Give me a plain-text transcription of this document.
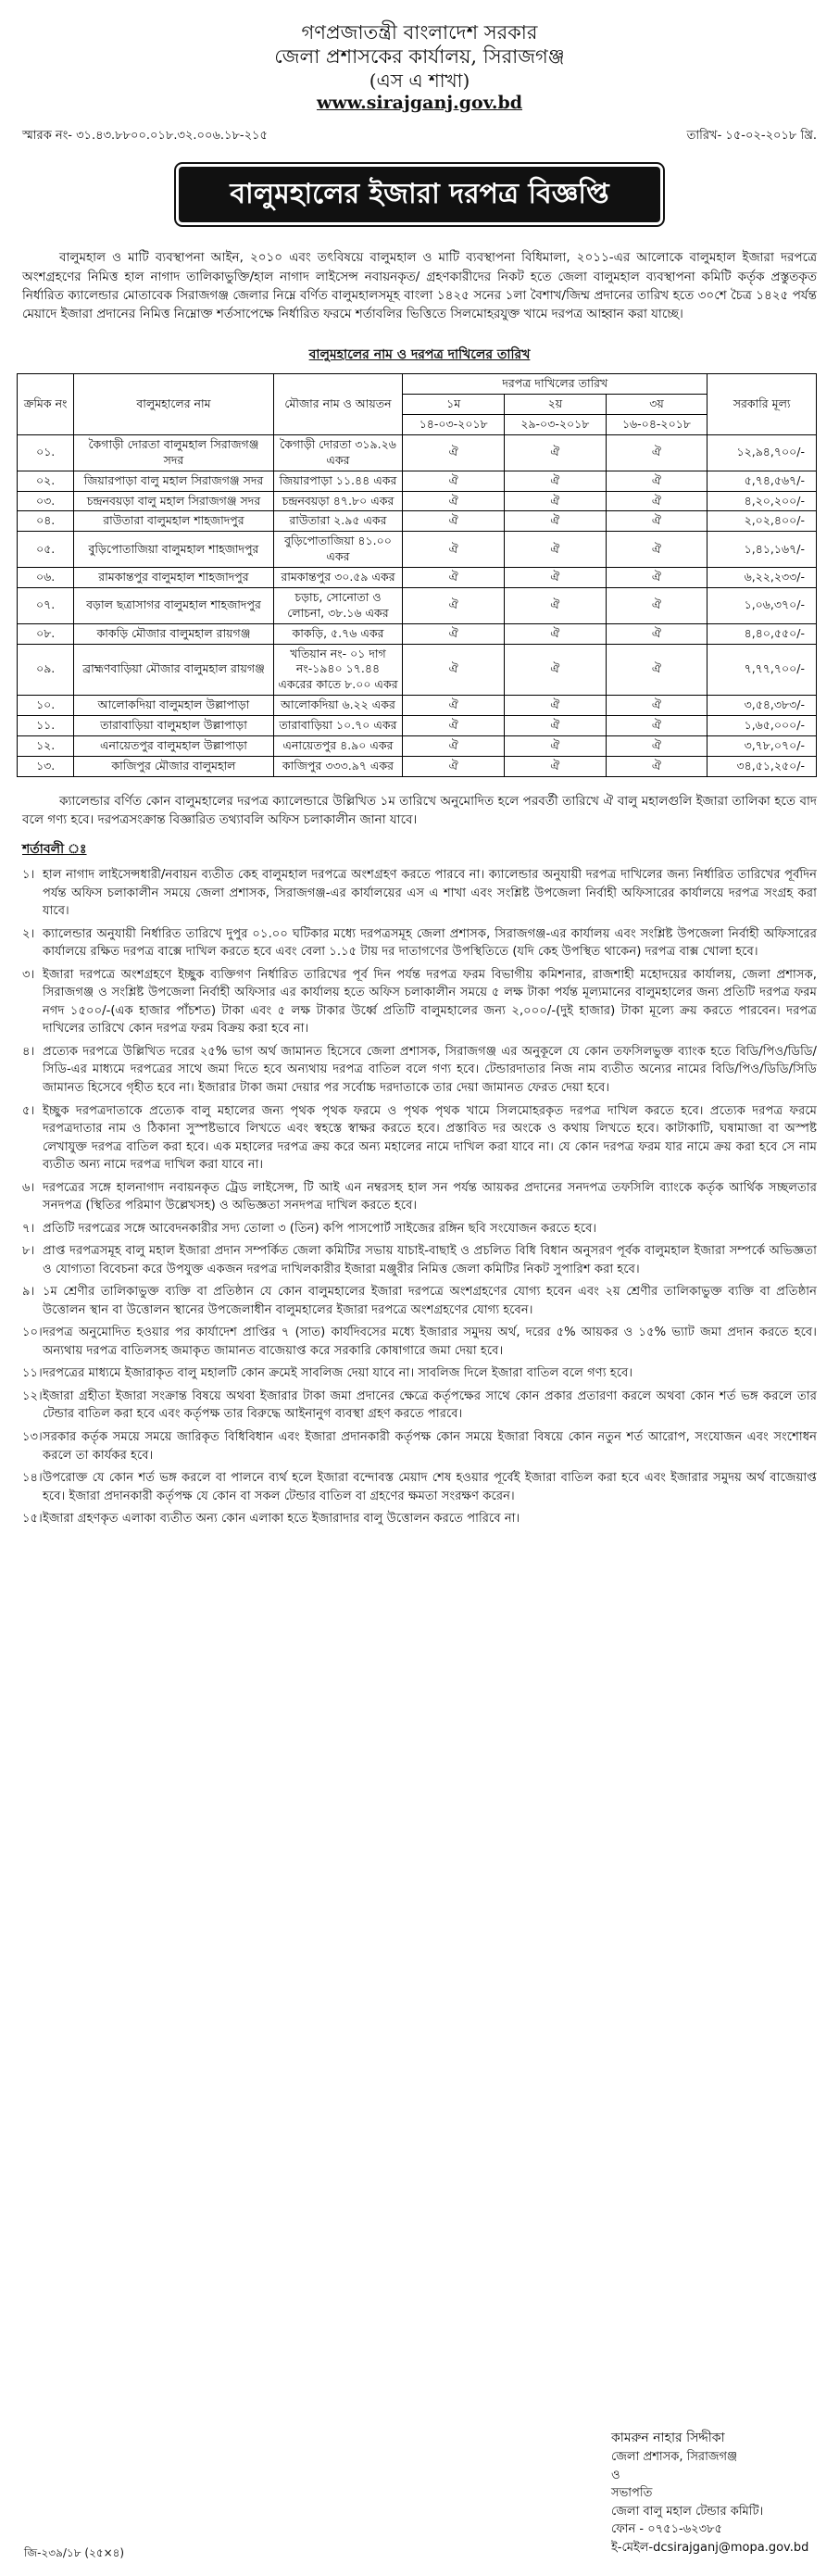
গণপ্রজাতন্ত্রী বাংলাদেশ সরকার
জেলা প্রশাসকের কার্যালয়, সিরাজগঞ্জ
(এস এ শাখা)
www.sirajganj.gov.bd
স্মারক নং- ৩১.৪৩.৮৮০০.০১৮.৩২.০০৬.১৮-২১৫	তারিখ- ১৫-০২-২০১৮ খ্রি.
বালুমহালের ইজারা দরপত্র বিজ্ঞপ্তি
বালুমহাল ও মাটি ব্যবস্থাপনা আইন, ২০১০ এবং তৎবিষয়ে বালুমহাল ও মাটি ব্যবস্থাপনা বিধিমালা, ২০১১-এর আলোকে বালুমহাল ইজারা দরপত্রে অংশগ্রহণের নিমিত্ত হাল নাগাদ তালিকাভুক্তি/হাল নাগাদ লাইসেন্স নবায়নকৃত/ গ্রহণকারীদের নিকট হতে জেলা বালুমহাল ব্যবস্থাপনা কমিটি কর্তৃক প্রস্তুতকৃত নির্ধারিত ক্যালেন্ডার মোতাবেক সিরাজগঞ্জ জেলার নিম্নে বর্ণিত বালুমহালসমূহ বাংলা ১৪২৫ সনের ১লা বৈশাখ/জিম্ম প্রদানের তারিখ হতে ৩০শে চৈত্র ১৪২৫ পর্যন্ত মেয়াদে ইজারা প্রদানের নিমিত্ত নিম্নোক্ত শর্তসাপেক্ষে নির্ধারিত ফরমে শর্তাবলির ভিত্তিতে সিলমোহরযুক্ত খামে দরপত্র আহ্বান করা যাচ্ছে।
বালুমহালের নাম ও দরপত্র দাখিলের তারিখ
ক্রমিক নং	বালুমহালের নাম	মৌজার নাম ও আয়তন	দরপত্র দাখিলের তারিখ			সরকারি মূল্য
			১ম	২য়	৩য়	
			১৪-০৩-২০১৮	২৯-০৩-২০১৮	১৬-০৪-২০১৮	
০১.	কৈগাড়ী দোরতা বালুমহাল সিরাজগঞ্জ সদর	কৈগাড়ী দোরতা ৩১৯.২৬ একর	ঐ	ঐ	ঐ	১২,৯৪,৭০০/-
০২.	জিয়ারপাড়া বালু মহাল সিরাজগঞ্জ সদর	জিয়ারপাড়া ১১.৪৪ একর	ঐ	ঐ	ঐ	৫,৭৪,৫৬৭/-
০৩.	চন্দ্রনবয়ড়া বালু মহাল সিরাজগঞ্জ সদর	চন্দ্রনবয়ড়া ৪৭.৮০ একর	ঐ	ঐ	ঐ	৪,২০,২০০/-
০৪.	রাউতারা বালুমহাল শাহজাদপুর	রাউতারা ২.৯৫ একর	ঐ	ঐ	ঐ	২,০২,৪০০/-
০৫.	বুড়িপোতাজিয়া বালুমহাল শাহজাদপুর	বুড়িপোতাজিয়া ৪১.০০ একর	ঐ	ঐ	ঐ	১,৪১,১৬৭/-
০৬.	রামকান্তপুর বালুমহাল শাহজাদপুর	রামকান্তপুর ৩০.৫৯ একর	ঐ	ঐ	ঐ	৬,২২,২৩৩/-
০৭.	বড়াল ছত্রাসাগর বালুমহাল শাহজাদপুর	চড়াচ, সোনোতা ও লোচনা, ৩৮.১৬ একর	ঐ	ঐ	ঐ	১,০৬,৩৭০/-
০৮.	কাকড়ি মৌজার বালুমহাল রায়গঞ্জ	কাকড়ি, ৫.৭৬ একর	ঐ	ঐ	ঐ	৪,৪০,৫৫০/-
০৯.	ব্রাহ্মণবাড়িয়া মৌজার বালুমহাল রায়গঞ্জ	খতিয়ান নং- ০১ দাগ নং-১৯৪০ ১৭.৪৪ একরের কাতে ৮.০০ একর	ঐ	ঐ	ঐ	৭,৭৭,৭০০/-
১০.	আলোকদিয়া বালুমহাল উল্লাপাড়া	আলোকদিয়া ৬.২২ একর	ঐ	ঐ	ঐ	৩,৫৪,৩৮৩/-
১১.	তারাবাড়িয়া বালুমহাল উল্লাপাড়া	তারাবাড়িয়া ১০.৭০ একর	ঐ	ঐ	ঐ	১,৬৫,০০০/-
১২.	এনায়েতপুর বালুমহাল উল্লাপাড়া	এনায়েতপুর ৪.৯০ একর	ঐ	ঐ	ঐ	৩,৭৮,০৭০/-
১৩.	কাজিপুর মৌজার বালুমহাল	কাজিপুর ৩৩৩.৯৭ একর	ঐ	ঐ	ঐ	৩৪,৫১,২৫০/-
ক্যালেন্ডার বর্ণিত কোন বালুমহালের দরপত্র ক্যালেন্ডারে উল্লিখিত ১ম তারিখে অনুমোদিত হলে পরবর্তী তারিখে ঐ বালু মহালগুলি ইজারা তালিকা হতে বাদ বলে গণ্য হবে। দরপত্রসংক্রান্ত বিজ্ঞারিত তথ্যাবলি অফিস চলাকালীন জানা যাবে।
শর্তাবলী ঃ
১। হাল নাগাদ লাইসেন্সধারী/নবায়ন ব্যতীত কেহ বালুমহাল দরপত্রে অংশগ্রহণ করতে পারবে না। ক্যালেন্ডার অনুযায়ী দরপত্র দাখিলের জন্য নির্ধারিত তারিখের পূর্বদিন পর্যন্ত অফিস চলাকালীন সময়ে জেলা প্রশাসক, সিরাজগঞ্জ-এর কার্যালয়ের এস এ শাখা এবং সংশ্লিষ্ট উপজেলা নির্বাহী অফিসারের কার্যালয়ে দরপত্র সংগ্রহ করা যাবে।
২। ক্যালেন্ডার অনুযায়ী নির্ধারিত তারিখে দুপুর ০১.০০ ঘটিকার মধ্যে দরপত্রসমূহ জেলা প্রশাসক, সিরাজগঞ্জ-এর কার্যালয় এবং সংশ্লিষ্ট উপজেলা নির্বাহী অফিসারের কার্যালয়ে রক্ষিত দরপত্র বাক্সে দাখিল করতে হবে এবং বেলা ১.১৫ টায় দর দাতাগণের উপস্থিতিতে (যদি কেহ উপস্থিত থাকেন) দরপত্র বাক্স খোলা হবে।
৩। ইজারা দরপত্রে অংশগ্রহণে ইচ্ছুক ব্যক্তিগণ নির্ধারিত তারিখের পূর্ব দিন পর্যন্ত দরপত্র ফরম বিভাগীয় কমিশনার, রাজশাহী মহোদয়ের কার্যালয়, জেলা প্রশাসক, সিরাজগঞ্জ ও সংশ্লিষ্ট উপজেলা নির্বাহী অফিসার এর কার্যালয় হতে অফিস চলাকালীন সময়ে ৫ লক্ষ টাকা পর্যন্ত মূল্যমানের বালুমহালের জন্য প্রতিটি দরপত্র ফরম নগদ ১৫০০/-(এক হাজার পাঁচশত) টাকা এবং ৫ লক্ষ টাকার উর্ধ্বে প্রতিটি বালুমহালের জন্য ২,০০০/-(দুই হাজার) টাকা মূল্যে ক্রয় করতে পারবেন। দরপত্র দাখিলের তারিখে কোন দরপত্র ফরম বিক্রয় করা হবে না।
৪। প্রত্যেক দরপত্রে উল্লিখিত দরের ২৫% ভাগ অর্থ জামানত হিসেবে জেলা প্রশাসক, সিরাজগঞ্জ এর অনুকূলে যে কোন তফসিলভুক্ত ব্যাংক হতে বিডি/পিও/ডিডি/সিডি-এর মাধ্যমে দরপত্রের সাথে জমা দিতে হবে অন্যথায় দরপত্র বাতিল বলে গণ্য হবে। টেন্ডারদাতার নিজ নাম ব্যতীত অন্যের নামের বিডি/পিও/ডিডি/সিডি জামানত হিসেবে গৃহীত হবে না। ইজারার টাকা জমা দেয়ার পর সর্বোচ্চ দরদাতাকে তার দেয়া জামানত ফেরত দেয়া হবে।
৫। ইচ্ছুক দরপত্রদাতাকে প্রত্যেক বালু মহালের জন্য পৃথক পৃথক ফরমে ও পৃথক পৃথক খামে সিলমোহরকৃত দরপত্র দাখিল করতে হবে। প্রত্যেক দরপত্র ফরমে দরপত্রদাতার নাম ও ঠিকানা সুস্পষ্টভাবে লিখতে এবং স্বহস্তে স্বাক্ষর করতে হবে। প্রস্তাবিত দর অংকে ও কথায় লিখতে হবে। কাটাকাটি, ঘষামাজা বা অস্পষ্ট লেখাযুক্ত দরপত্র বাতিল করা হবে। এক মহালের দরপত্র ক্রয় করে অন্য মহালের নামে দাখিল করা যাবে না। যে কোন দরপত্র ফরম যার নামে ক্রয় করা হবে সে নাম ব্যতীত অন্য নামে দরপত্র দাখিল করা যাবে না।
৬। দরপত্রের সঙ্গে হালনাগাদ নবায়নকৃত ট্রেড লাইসেন্স, টি আই এন নম্বরসহ হাল সন পর্যন্ত আয়কর প্রদানের সনদপত্র তফসিলি ব্যাংকে কর্তৃক আর্থিক সচ্ছলতার সনদপত্র (স্থিতির পরিমাণ উল্লেখসহ) ও অভিজ্ঞতা সনদপত্র দাখিল করতে হবে।
৭। প্রতিটি দরপত্রের সঙ্গে আবেদনকারীর সদ্য তোলা ৩ (তিন) কপি পাসপোর্ট সাইজের রঙ্গিন ছবি সংযোজন করতে হবে।
৮। প্রাপ্ত দরপত্রসমূহ বালু মহাল ইজারা প্রদান সম্পর্কিত জেলা কমিটির সভায় যাচাই-বাছাই ও প্রচলিত বিধি বিধান অনুসরণ পূর্বক বালুমহাল ইজারা সম্পর্কে অভিজ্ঞতা ও যোগ্যতা বিবেচনা করে উপযুক্ত একজন দরপত্র দাখিলকারীর ইজারা মঞ্জুরীর নিমিত্ত জেলা কমিটির নিকট সুপারিশ করা হবে।
৯। ১ম শ্রেণীর তালিকাভুক্ত ব্যক্তি বা প্রতিষ্ঠান যে কোন বালুমহালের ইজারা দরপত্রে অংশগ্রহণের যোগ্য হবেন এবং ২য় শ্রেণীর তালিকাভুক্ত ব্যক্তি বা প্রতিষ্ঠান উত্তোলন স্থান বা উত্তোলন স্থানের উপজেলাধীন বালুমহালের ইজারা দরপত্রে অংশগ্রহণের যোগ্য হবেন।
১০। দরপত্র অনুমোদিত হওয়ার পর কার্যাদেশ প্রাপ্তির ৭ (সাত) কার্যদিবসের মধ্যে ইজারার সমুদয় অর্থ, দরের ৫% আয়কর ও ১৫% ভ্যাট জমা প্রদান করতে হবে। অন্যথায় দরপত্র বাতিলসহ জমাকৃত জামানত বাজেয়াপ্ত করে সরকারি কোষাগারে জমা দেয়া হবে।
১১। দরপত্রের মাধ্যমে ইজারাকৃত বালু মহালটি কোন ক্রমেই সাবলিজ দেয়া যাবে না। সাবলিজ দিলে ইজারা বাতিল বলে গণ্য হবে।
১২। ইজারা গ্রহীতা ইজারা সংক্রান্ত বিষয়ে অথবা ইজারার টাকা জমা প্রদানের ক্ষেত্রে কর্তৃপক্ষের সাথে কোন প্রকার প্রতারণা করলে অথবা কোন শর্ত ভঙ্গ করলে তার টেন্ডার বাতিল করা হবে এবং কর্তৃপক্ষ তার বিরুদ্ধে আইনানুগ ব্যবস্থা গ্রহণ করতে পারবে।
১৩। সরকার কর্তৃক সময়ে সময়ে জারিকৃত বিধিবিধান এবং ইজারা প্রদানকারী কর্তৃপক্ষ কোন সময়ে ইজারা বিষয়ে কোন নতুন শর্ত আরোপ, সংযোজন এবং সংশোধন করলে তা কার্যকর হবে।
১৪। উপরোক্ত যে কোন শর্ত ভঙ্গ করলে বা পালনে ব্যর্থ হলে ইজারা বন্দোবস্ত মেয়াদ শেষ হওয়ার পূর্বেই ইজারা বাতিল করা হবে এবং ইজারার সমুদয় অর্থ বাজেয়াপ্ত হবে। ইজারা প্রদানকারী কর্তৃপক্ষ যে কোন বা সকল টেন্ডার বাতিল বা গ্রহণের ক্ষমতা সংরক্ষণ করেন।
১৫। ইজারা গ্রহণকৃত এলাকা ব্যতীত অন্য কোন এলাকা হতে ইজারাদার বালু উত্তোলন করতে পারিবে না।
কামরুন নাহার সিদ্দীকা
জেলা প্রশাসক, সিরাজগঞ্জ
ও
সভাপতি
জেলা বালু মহাল টেন্ডার কমিটি।
ফোন - ০৭৫১-৬২৩৮৫
ই-মেইল-dcsirajganj@mopa.gov.bd
জি-২৩৯/১৮ (২৫×৪)
